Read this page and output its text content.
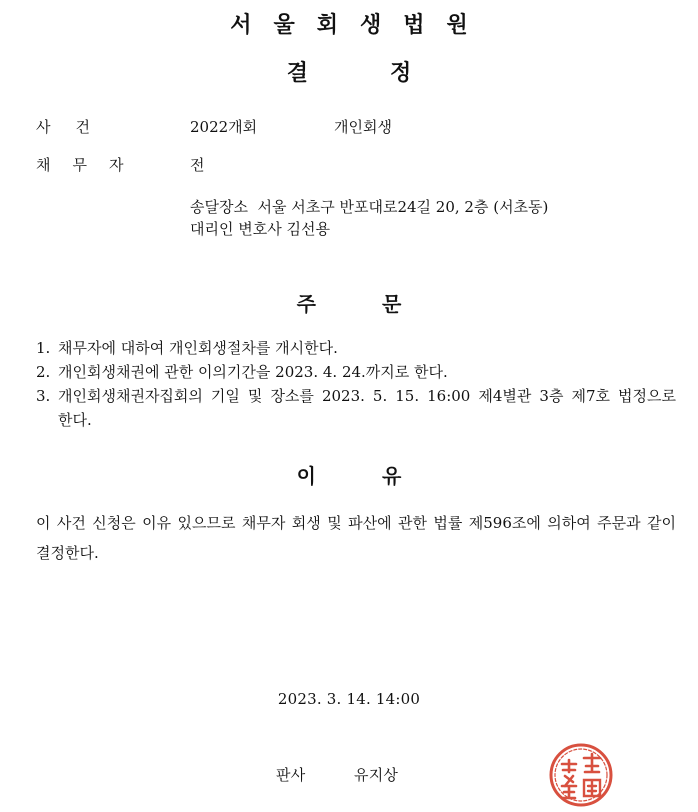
서울회생법원
결정
사건	2022개회	개인회생
채무자	전
송달장소  서울 서초구 반포대로24길 20, 2층 (서초동)
대리인 변호사 김선용
주문
1. 채무자에 대하여 개인회생절차를 개시한다.
2. 개인회생채권에 관한 이의기간을 2023. 4. 24.까지로 한다.
3. 개인회생채권자집회의 기일 및 장소를 2023. 5. 15. 16:00 제4별관 3층 제7호 법정으로 한다.
이유
이 사건 신청은 이유 있으므로 채무자 회생 및 파산에 관한 법률 제596조에 의하여 주문과 같이 결정한다.
2023. 3. 14. 14:00
판사	유지상
